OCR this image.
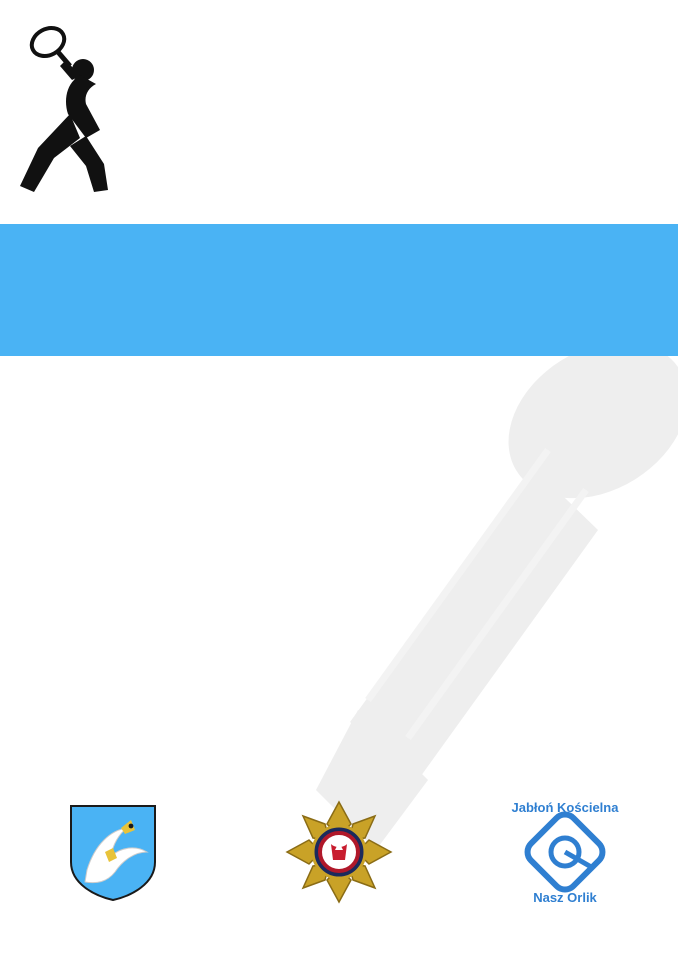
Jabłoń Kościelna
Nasz Orlik
